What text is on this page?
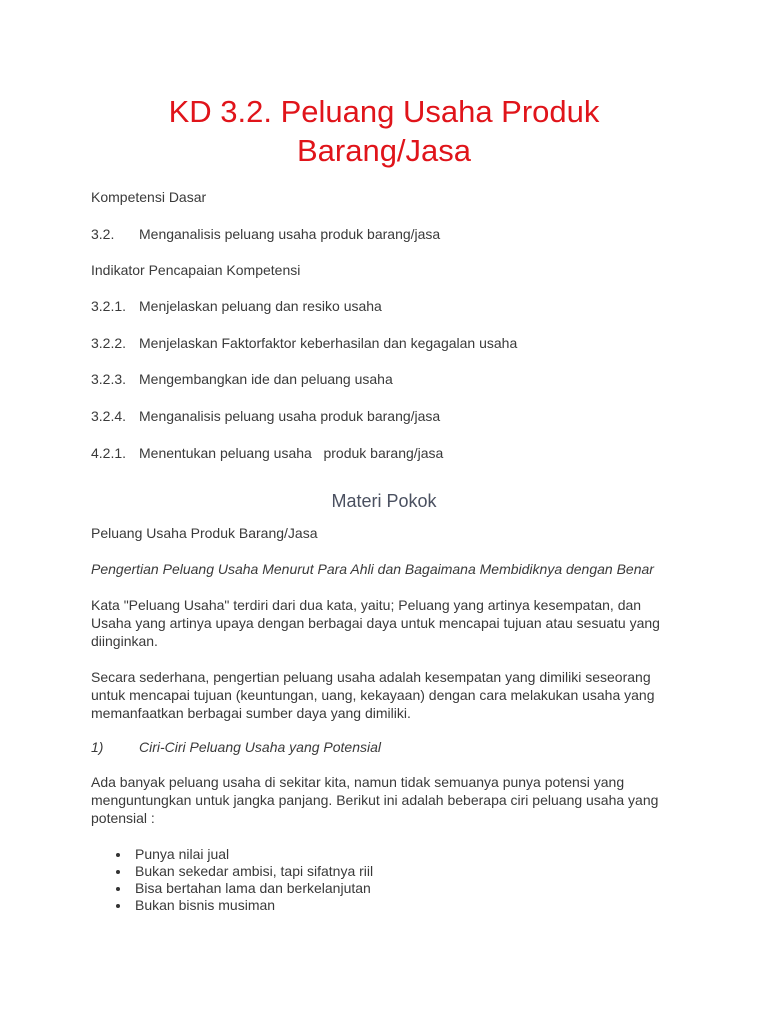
KD 3.2. Peluang Usaha Produk
Barang/Jasa
Kompetensi Dasar
3.2. Menganalisis peluang usaha produk barang/jasa
Indikator Pencapaian Kompetensi
3.2.1. Menjelaskan peluang dan resiko usaha
3.2.2. Menjelaskan Faktorfaktor keberhasilan dan kegagalan usaha
3.2.3. Mengembangkan ide dan peluang usaha
3.2.4. Menganalisis peluang usaha produk barang/jasa
4.2.1. Menentukan peluang usaha   produk barang/jasa
Materi Pokok
Peluang Usaha Produk Barang/Jasa
Pengertian Peluang Usaha Menurut Para Ahli dan Bagaimana Membidiknya dengan Benar
Kata "Peluang Usaha" terdiri dari dua kata, yaitu; Peluang yang artinya kesempatan, dan
Usaha yang artinya upaya dengan berbagai daya untuk mencapai tujuan atau sesuatu yang
diinginkan.
Secara sederhana, pengertian peluang usaha adalah kesempatan yang dimiliki seseorang
untuk mencapai tujuan (keuntungan, uang, kekayaan) dengan cara melakukan usaha yang
memanfaatkan berbagai sumber daya yang dimiliki.
1)	Ciri-Ciri Peluang Usaha yang Potensial
Ada banyak peluang usaha di sekitar kita, namun tidak semuanya punya potensi yang
menguntungkan untuk jangka panjang. Berikut ini adalah beberapa ciri peluang usaha yang
potensial :
Punya nilai jual
Bukan sekedar ambisi, tapi sifatnya riil
Bisa bertahan lama dan berkelanjutan
Bukan bisnis musiman
